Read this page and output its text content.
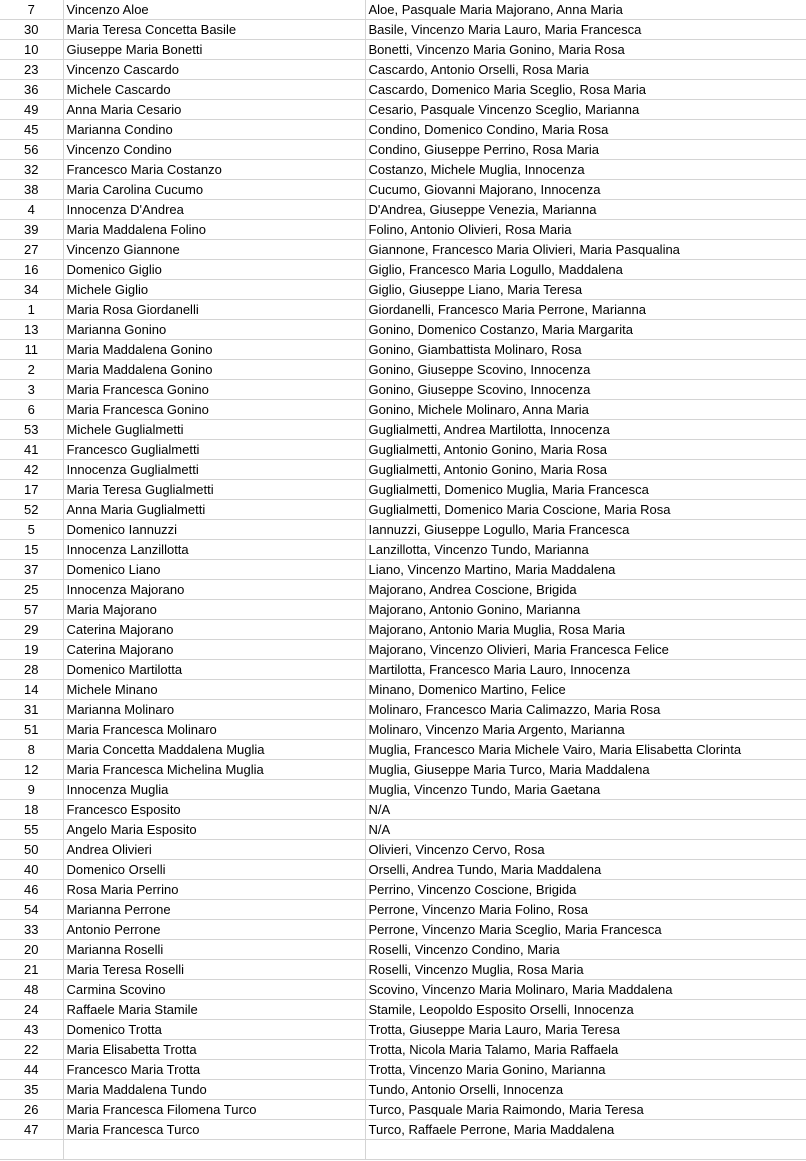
7	Vincenzo Aloe	Aloe, Pasquale Maria Majorano, Anna Maria
30	Maria Teresa Concetta Basile	Basile, Vincenzo Maria Lauro, Maria Francesca
10	Giuseppe Maria Bonetti	Bonetti, Vincenzo Maria Gonino, Maria Rosa
23	Vincenzo Cascardo	Cascardo, Antonio Orselli, Rosa Maria
36	Michele Cascardo	Cascardo, Domenico Maria Sceglio, Rosa Maria
49	Anna Maria Cesario	Cesario, Pasquale Vincenzo Sceglio, Marianna
45	Marianna Condino	Condino, Domenico Condino, Maria Rosa
56	Vincenzo Condino	Condino, Giuseppe Perrino, Rosa Maria
32	Francesco Maria Costanzo	Costanzo, Michele Muglia, Innocenza
38	Maria Carolina Cucumo	Cucumo, Giovanni Majorano, Innocenza
4	Innocenza D'Andrea	D'Andrea, Giuseppe Venezia, Marianna
39	Maria Maddalena Folino	Folino, Antonio Olivieri, Rosa Maria
27	Vincenzo Giannone	Giannone, Francesco Maria Olivieri, Maria Pasqualina
16	Domenico Giglio	Giglio, Francesco Maria Logullo, Maddalena
34	Michele Giglio	Giglio, Giuseppe Liano, Maria Teresa
1	Maria Rosa Giordanelli	Giordanelli, Francesco Maria Perrone, Marianna
13	Marianna Gonino	Gonino, Domenico Costanzo, Maria Margarita
11	Maria Maddalena Gonino	Gonino, Giambattista Molinaro, Rosa
2	Maria Maddalena Gonino	Gonino, Giuseppe Scovino, Innocenza
3	Maria Francesca Gonino	Gonino, Giuseppe Scovino, Innocenza
6	Maria Francesca Gonino	Gonino, Michele Molinaro, Anna Maria
53	Michele Guglialmetti	Guglialmetti, Andrea Martilotta, Innocenza
41	Francesco Guglialmetti	Guglialmetti, Antonio Gonino, Maria Rosa
42	Innocenza Guglialmetti	Guglialmetti, Antonio Gonino, Maria Rosa
17	Maria Teresa Guglialmetti	Guglialmetti, Domenico Muglia, Maria Francesca
52	Anna Maria Guglialmetti	Guglialmetti, Domenico Maria Coscione, Maria Rosa
5	Domenico Iannuzzi	Iannuzzi, Giuseppe Logullo, Maria Francesca
15	Innocenza Lanzillotta	Lanzillotta, Vincenzo Tundo, Marianna
37	Domenico Liano	Liano, Vincenzo Martino, Maria Maddalena
25	Innocenza Majorano	Majorano, Andrea Coscione, Brigida
57	Maria Majorano	Majorano, Antonio Gonino, Marianna
29	Caterina Majorano	Majorano, Antonio Maria Muglia, Rosa Maria
19	Caterina Majorano	Majorano, Vincenzo Olivieri, Maria Francesca Felice
28	Domenico Martilotta	Martilotta, Francesco Maria Lauro, Innocenza
14	Michele Minano	Minano, Domenico Martino, Felice
31	Marianna Molinaro	Molinaro, Francesco Maria Calimazzo, Maria Rosa
51	Maria Francesca Molinaro	Molinaro, Vincenzo Maria Argento, Marianna
8	Maria Concetta Maddalena Muglia	Muglia, Francesco Maria Michele Vairo, Maria Elisabetta Clorinta
12	Maria Francesca Michelina Muglia	Muglia, Giuseppe Maria Turco, Maria Maddalena
9	Innocenza Muglia	Muglia, Vincenzo Tundo, Maria Gaetana
18	Francesco Esposito	N/A
55	Angelo Maria Esposito	N/A
50	Andrea Olivieri	Olivieri, Vincenzo Cervo, Rosa
40	Domenico Orselli	Orselli, Andrea Tundo, Maria Maddalena
46	Rosa Maria Perrino	Perrino, Vincenzo Coscione, Brigida
54	Marianna Perrone	Perrone, Vincenzo Maria Folino, Rosa
33	Antonio Perrone	Perrone, Vincenzo Maria Sceglio, Maria Francesca
20	Marianna Roselli	Roselli, Vincenzo Condino, Maria
21	Maria Teresa Roselli	Roselli, Vincenzo Muglia, Rosa Maria
48	Carmina Scovino	Scovino, Vincenzo Maria Molinaro, Maria Maddalena
24	Raffaele Maria Stamile	Stamile, Leopoldo Esposito Orselli, Innocenza
43	Domenico Trotta	Trotta, Giuseppe Maria Lauro, Maria Teresa
22	Maria Elisabetta Trotta	Trotta, Nicola Maria Talamo, Maria Raffaela
44	Francesco Maria Trotta	Trotta, Vincenzo Maria Gonino, Marianna
35	Maria Maddalena Tundo	Tundo, Antonio Orselli, Innocenza
26	Maria Francesca Filomena Turco	Turco, Pasquale Maria Raimondo, Maria Teresa
47	Maria Francesca Turco	Turco, Raffaele Perrone, Maria Maddalena
